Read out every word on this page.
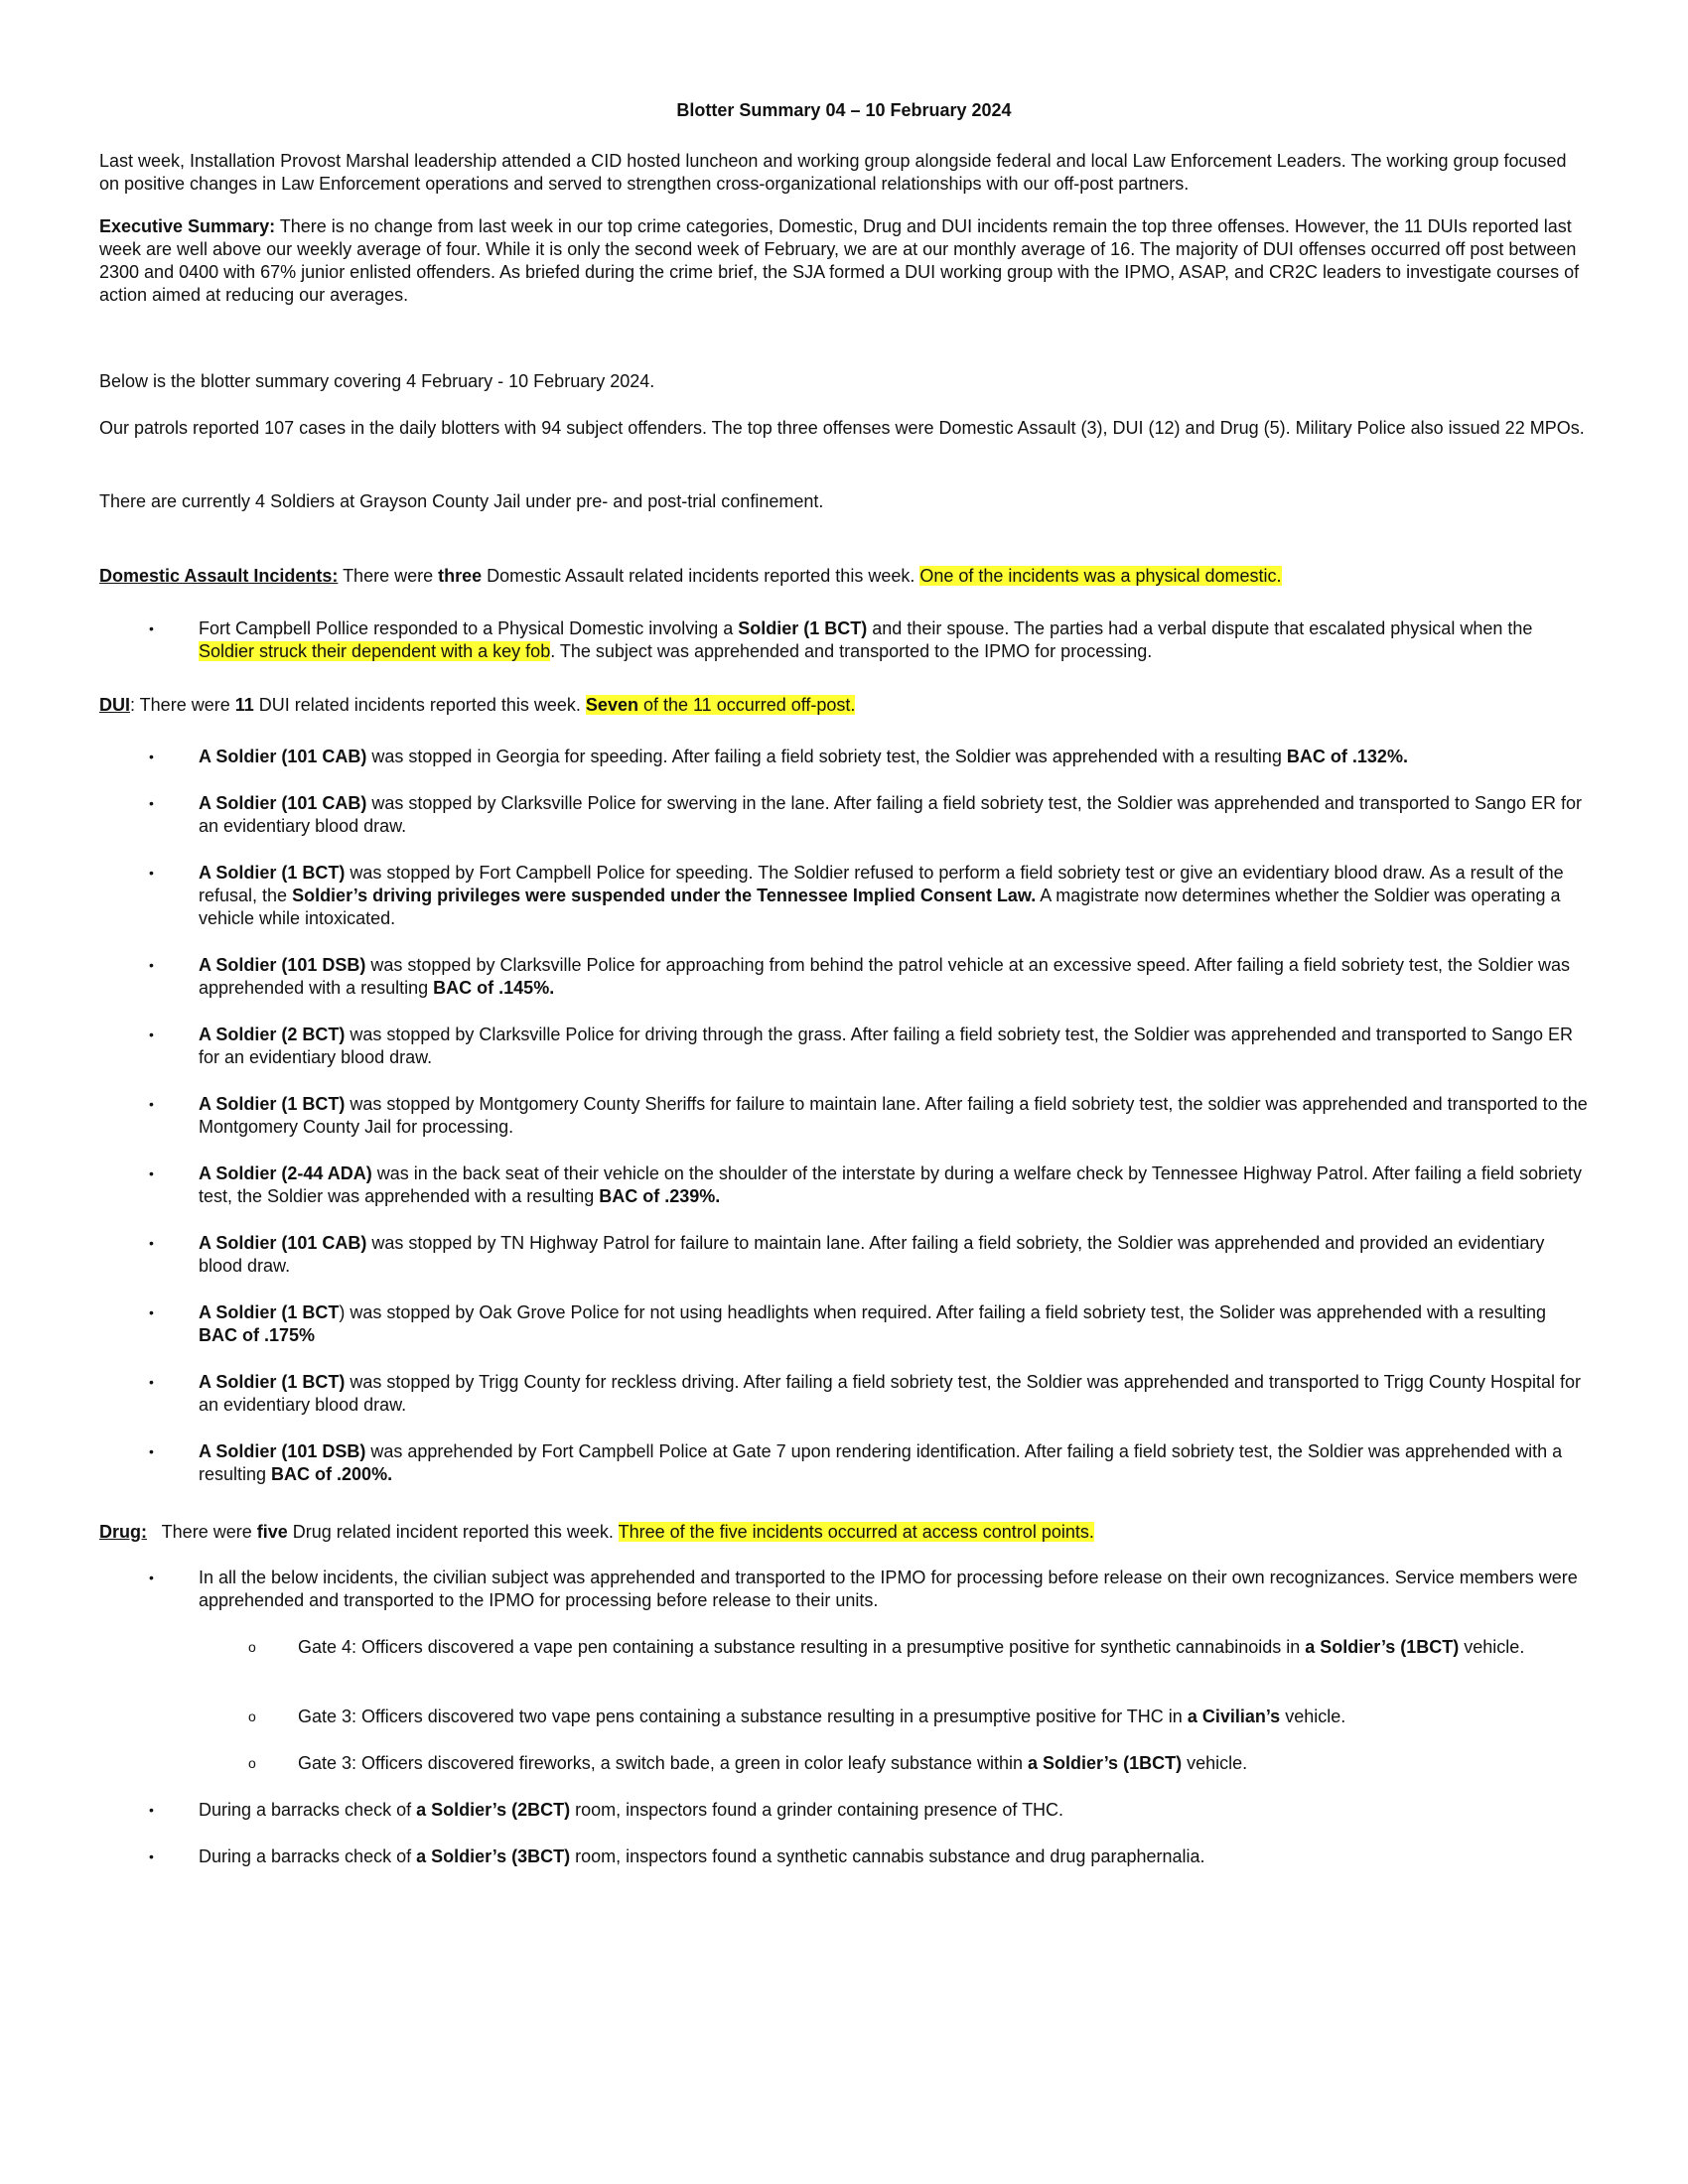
Blotter Summary 04 – 10 February 2024

Last week, Installation Provost Marshal leadership attended a CID hosted luncheon and working group alongside federal and local Law Enforcement Leaders. The working group focused on positive changes in Law Enforcement operations and served to strengthen cross-organizational relationships with our off-post partners.

Executive Summary: There is no change from last week in our top crime categories, Domestic, Drug and DUI incidents remain the top three offenses. However, the 11 DUIs reported last week are well above our weekly average of four. While it is only the second week of February, we are at our monthly average of 16. The majority of DUI offenses occurred off post between 2300 and 0400 with 67% junior enlisted offenders. As briefed during the crime brief, the SJA formed a DUI working group with the IPMO, ASAP, and CR2C leaders to investigate courses of action aimed at reducing our averages.

Below is the blotter summary covering 4 February - 10 February 2024.

Our patrols reported 107 cases in the daily blotters with 94 subject offenders. The top three offenses were Domestic Assault (3), DUI (12) and Drug (5). Military Police also issued 22 MPOs.

There are currently 4 Soldiers at Grayson County Jail under pre- and post-trial confinement.

Domestic Assault Incidents: There were three Domestic Assault related incidents reported this week. One of the incidents was a physical domestic.

•	Fort Campbell Pollice responded to a Physical Domestic involving a Soldier (1 BCT) and their spouse. The parties had a verbal dispute that escalated physical when the Soldier struck their dependent with a key fob. The subject was apprehended and transported to the IPMO for processing.

DUI: There were 11 DUI related incidents reported this week. Seven of the 11 occurred off-post.

•	A Soldier (101 CAB) was stopped in Georgia for speeding. After failing a field sobriety test, the Soldier was apprehended with a resulting BAC of .132%.
•	A Soldier (101 CAB) was stopped by Clarksville Police for swerving in the lane. After failing a field sobriety test, the Soldier was apprehended and transported to Sango ER for an evidentiary blood draw.
•	A Soldier (1 BCT) was stopped by Fort Campbell Police for speeding. The Soldier refused to perform a field sobriety test or give an evidentiary blood draw. As a result of the refusal, the Soldier’s driving privileges were suspended under the Tennessee Implied Consent Law. A magistrate now determines whether the Soldier was operating a vehicle while intoxicated.
•	A Soldier (101 DSB) was stopped by Clarksville Police for approaching from behind the patrol vehicle at an excessive speed. After failing a field sobriety test, the Soldier was apprehended with a resulting BAC of .145%.
•	A Soldier (2 BCT) was stopped by Clarksville Police for driving through the grass. After failing a field sobriety test, the Soldier was apprehended and transported to Sango ER for an evidentiary blood draw.
•	A Soldier (1 BCT) was stopped by Montgomery County Sheriffs for failure to maintain lane. After failing a field sobriety test, the soldier was apprehended and transported to the Montgomery County Jail for processing.
•	A Soldier (2-44 ADA) was in the back seat of their vehicle on the shoulder of the interstate by during a welfare check by Tennessee Highway Patrol. After failing a field sobriety test, the Soldier was apprehended with a resulting BAC of .239%.
•	A Soldier (101 CAB) was stopped by TN Highway Patrol for failure to maintain lane. After failing a field sobriety, the Soldier was apprehended and provided an evidentiary blood draw.
•	A Soldier (1 BCT) was stopped by Oak Grove Police for not using headlights when required. After failing a field sobriety test, the Solider was apprehended with a resulting BAC of .175%
•	A Soldier (1 BCT) was stopped by Trigg County for reckless driving. After failing a field sobriety test, the Soldier was apprehended and transported to Trigg County Hospital for an evidentiary blood draw.
•	A Soldier (101 DSB) was apprehended by Fort Campbell Police at Gate 7 upon rendering identification. After failing a field sobriety test, the Soldier was apprehended with a resulting BAC of .200%.

Drug:   There were five Drug related incident reported this week. Three of the five incidents occurred at access control points.

•	In all the below incidents, the civilian subject was apprehended and transported to the IPMO for processing before release on their own recognizances. Service members were apprehended and transported to the IPMO for processing before release to their units.
o Gate 4: Officers discovered a vape pen containing a substance resulting in a presumptive positive for synthetic cannabinoids in a Soldier’s (1BCT) vehicle.
o Gate 3: Officers discovered two vape pens containing a substance resulting in a presumptive positive for THC in a Civilian’s vehicle.
o Gate 3: Officers discovered fireworks, a switch bade, a green in color leafy substance within a Soldier’s (1BCT) vehicle.
•	During a barracks check of a Soldier’s (2BCT) room, inspectors found a grinder containing presence of THC.
•	During a barracks check of a Soldier’s (3BCT) room, inspectors found a synthetic cannabis substance and drug paraphernalia.
